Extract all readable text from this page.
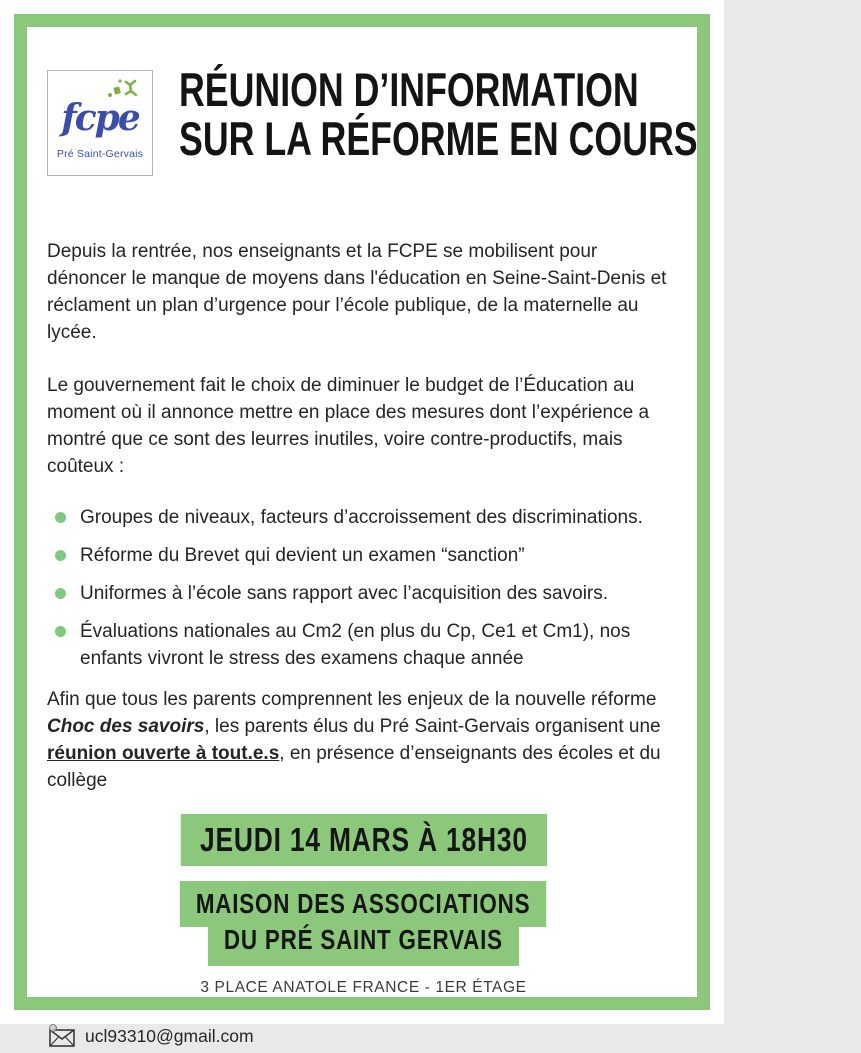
fcpe
Pré Saint-Gervais
RÉUNION D’INFORMATION
SUR LA RÉFORME EN COURS

Depuis la rentrée, nos enseignants et la FCPE se mobilisent pour dénoncer le manque de moyens dans l'éducation en Seine-Saint-Denis et réclament un plan d’urgence pour l’école publique, de la maternelle au lycée.

Le gouvernement fait le choix de diminuer le budget de l’Éducation au moment où il annonce mettre en place des mesures dont l’expérience a montré que ce sont des leurres inutiles, voire contre-productifs, mais coûteux :

Groupes de niveaux, facteurs d’accroissement des discriminations.
Réforme du Brevet qui devient un examen “sanction”
Uniformes à l’école sans rapport avec l’acquisition des savoirs.
Évaluations nationales au Cm2 (en plus du Cp, Ce1 et Cm1), nos enfants vivront le stress des examens chaque année

Afin que tous les parents comprennent les enjeux de la nouvelle réforme Choc des savoirs, les parents élus du Pré Saint-Gervais organisent une réunion ouverte à tout.e.s, en présence d’enseignants des écoles et du collège

JEUDI 14 MARS À 18H30
MAISON DES ASSOCIATIONS
DU PRÉ SAINT GERVAIS
3 PLACE ANATOLE FRANCE - 1ER ÉTAGE
@ ucl93310@gmail.com
